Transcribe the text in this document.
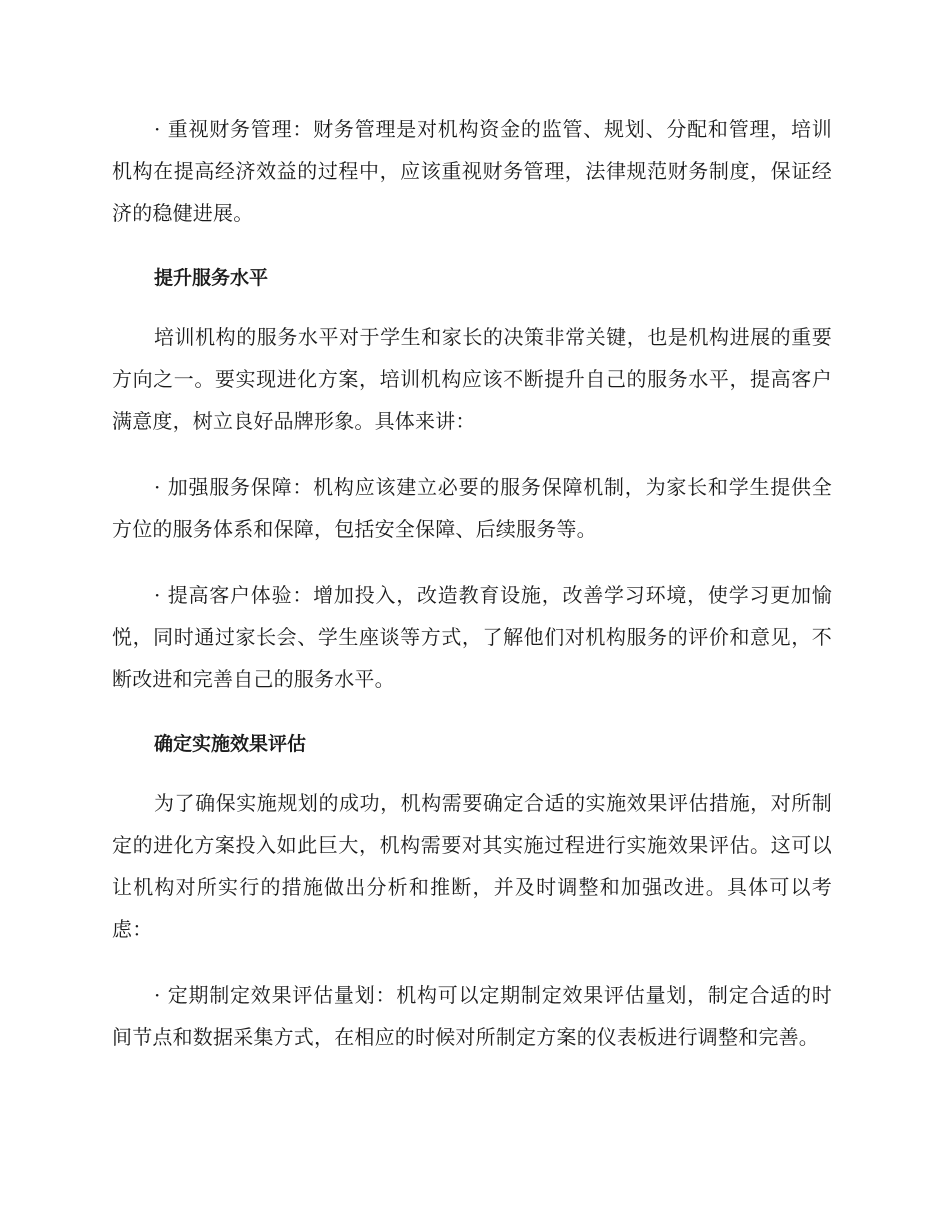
· 重视财务管理：财务管理是对机构资金的监管、规划、分配和管理，培训机构在提高经济效益的过程中，应该重视财务管理，法律规范财务制度，保证经济的稳健进展。

提升服务水平

培训机构的服务水平对于学生和家长的决策非常关键，也是机构进展的重要方向之一。要实现进化方案，培训机构应该不断提升自己的服务水平，提高客户满意度，树立良好品牌形象。具体来讲：

· 加强服务保障：机构应该建立必要的服务保障机制，为家长和学生提供全方位的服务体系和保障，包括安全保障、后续服务等。

· 提高客户体验：增加投入，改造教育设施，改善学习环境，使学习更加愉悦，同时通过家长会、学生座谈等方式，了解他们对机构服务的评价和意见，不断改进和完善自己的服务水平。

确定实施效果评估

为了确保实施规划的成功，机构需要确定合适的实施效果评估措施，对所制定的进化方案投入如此巨大，机构需要对其实施过程进行实施效果评估。这可以让机构对所实行的措施做出分析和推断，并及时调整和加强改进。具体可以考虑：

· 定期制定效果评估量划：机构可以定期制定效果评估量划，制定合适的时间节点和数据采集方式，在相应的时候对所制定方案的仪表板进行调整和完善。
